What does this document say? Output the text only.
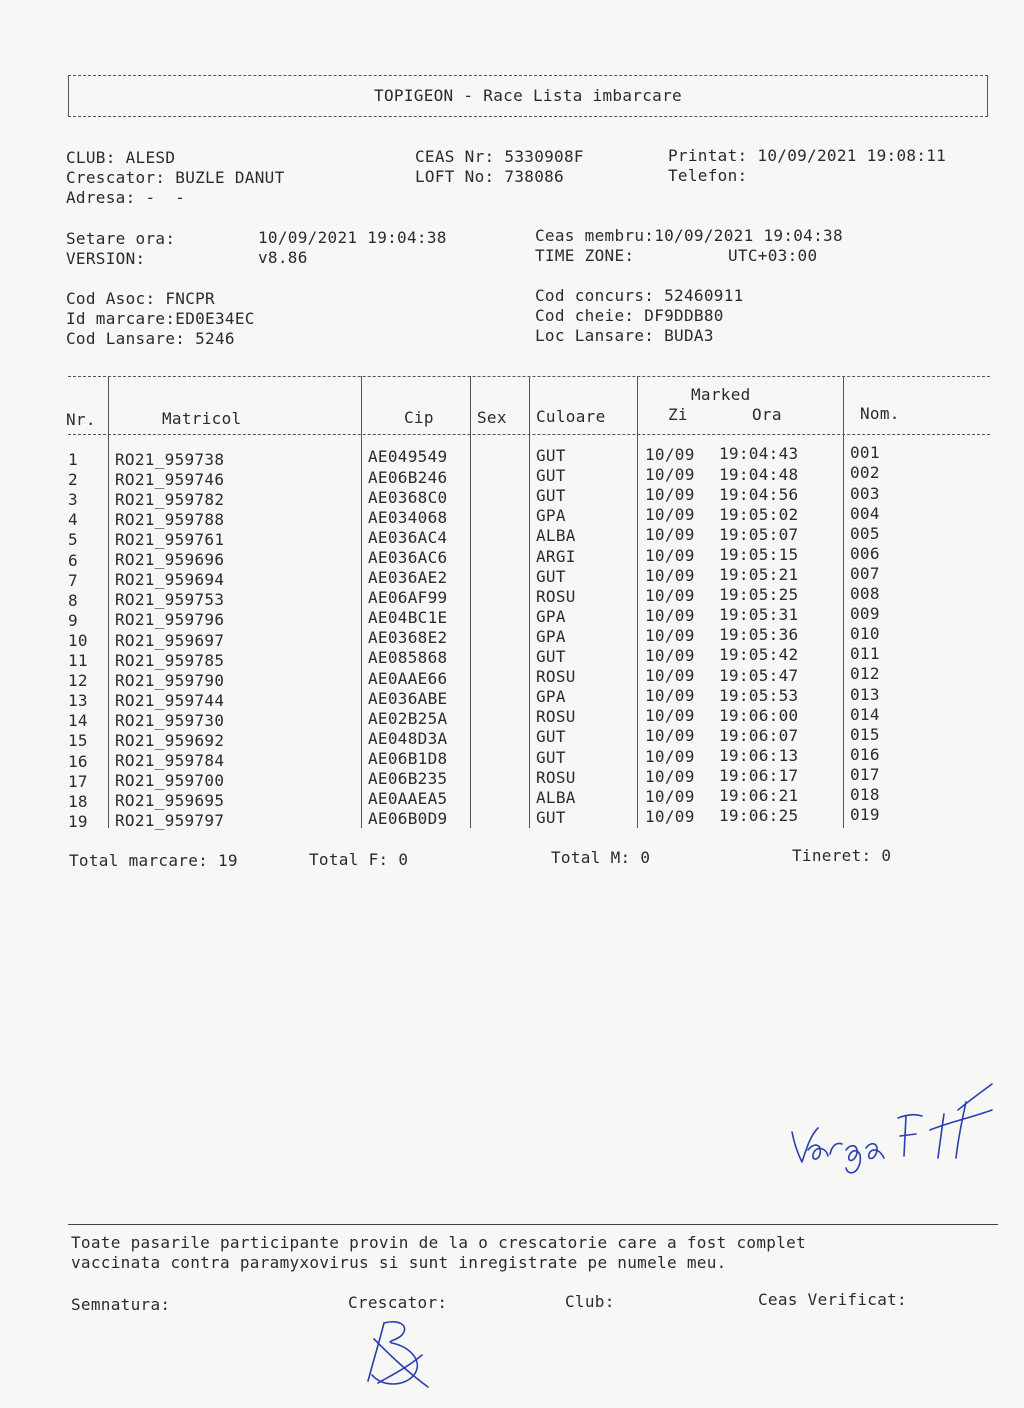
TOPIGEON - Race Lista imbarcare
CLUB: ALESD
Crescator: BUZLE DANUT
Adresa: -  -
CEAS Nr: 5330908F
LOFT No: 738086
Printat: 10/09/2021 19:08:11
Telefon:
Setare ora:	10/09/2021 19:04:38
VERSION:	v8.86
Ceas membru:10/09/2021 19:04:38
TIME ZONE:	UTC+03:00
Cod Asoc: FNCPR
Id marcare:ED0E34EC
Cod Lansare: 5246
Cod concurs: 52460911
Cod cheie: DF9DDB80
Loc Lansare: BUDA3
Nr.	Matricol	Cip	Sex Culoare
Marked
Zi	Ora	Nom.
1 RO21_959738	AE049549	GUT	10/09 19:04:43	001
2 RO21_959746	AE06B246	GUT	10/09 19:04:48	002
3 RO21_959782	AE0368C0	GUT	10/09 19:04:56	003
4 RO21_959788	AE034068	GPA	10/09 19:05:02	004
5 RO21_959761	AE036AC4	ALBA	10/09 19:05:07	005
6 RO21_959696	AE036AC6	ARGI	10/09 19:05:15	006
7 RO21_959694	AE036AE2	GUT	10/09 19:05:21	007
8 RO21_959753	AE06AF99	ROSU	10/09 19:05:25	008
9 RO21_959796	AE04BC1E	GPA	10/09 19:05:31	009
10 RO21_959697	AE0368E2	GPA	10/09 19:05:36	010
11 RO21_959785	AE085868	GUT	10/09 19:05:42	011
12 RO21_959790	AE0AAE66	ROSU	10/09 19:05:47	012
13 RO21_959744	AE036ABE	GPA	10/09 19:05:53	013
14 RO21_959730	AE02B25A	ROSU	10/09 19:06:00	014
15 RO21_959692	AE048D3A	GUT	10/09 19:06:07	015
16 RO21_959784	AE06B1D8	GUT	10/09 19:06:13	016
17 RO21_959700	AE06B235	ROSU	10/09 19:06:17	017
18 RO21_959695	AE0AAEA5	ALBA	10/09 19:06:21	018
19 RO21_959797	AE06B0D9	GUT	10/09 19:06:25	019
Total marcare: 19	Total F: 0	Total M: 0	Tineret: 0
Toate pasarile participante provin de la o crescatorie care a fost complet
vaccinata contra paramyxovirus si sunt inregistrate pe numele meu.
Semnatura:	Crescator:	Club:	Ceas Verificat:
